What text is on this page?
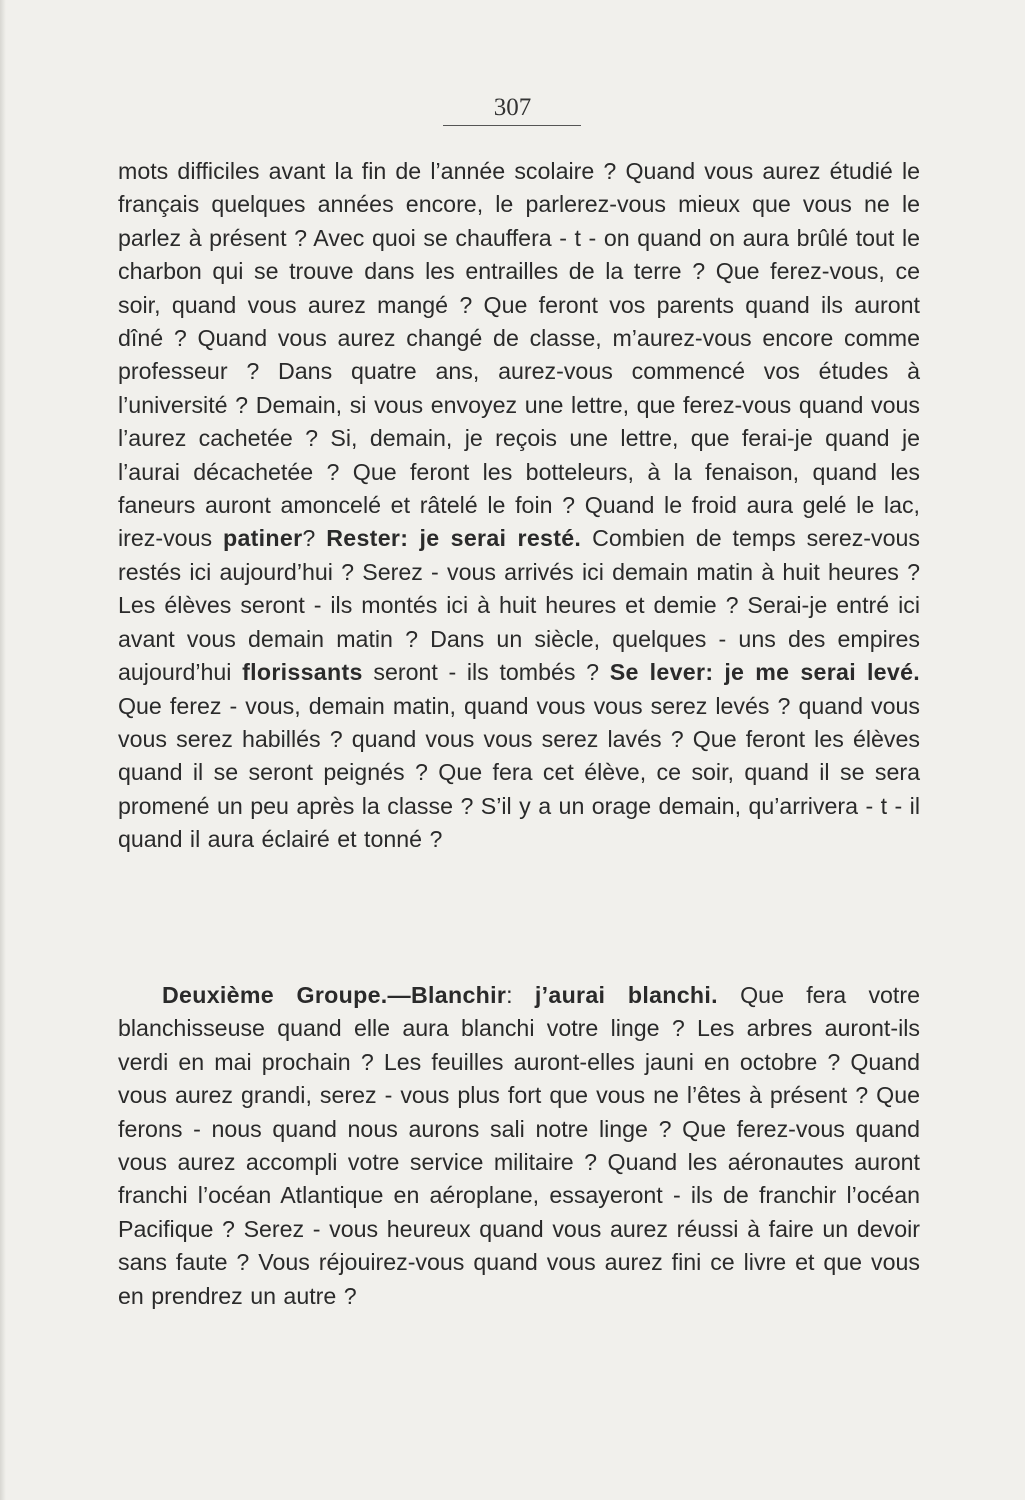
307

mots difficiles avant la fin de l’année scolaire ? Quand vous aurez étudié le français quelques années encore, le parlerez-vous mieux que vous ne le parlez à présent ? Avec quoi se chauffera - t - on quand on aura brûlé tout le charbon qui se trouve dans les entrailles de la terre ? Que ferez-vous, ce soir, quand vous aurez mangé ? Que feront vos parents quand ils auront dîné ? Quand vous aurez changé de classe, m’aurez-vous encore comme professeur ? Dans quatre ans, aurez-vous commencé vos études à l’université ? Demain, si vous envoyez une lettre, que ferez-vous quand vous l’aurez cachetée ? Si, demain, je reçois une lettre, que ferai-je quand je l’aurai décachetée ? Que feront les botteleurs, à la fenaison, quand les faneurs auront amoncelé et râtelé le foin ? Quand le froid aura gelé le lac, irez-vous patiner? Rester: je serai resté. Combien de temps serez-vous restés ici aujourd’hui ? Serez - vous arrivés ici demain matin à huit heures ? Les élèves seront - ils montés ici à huit heures et demie ? Serai-je entré ici avant vous demain matin ? Dans un siècle, quelques - uns des empires aujourd’hui florissants seront - ils tombés ? Se lever: je me serai levé. Que ferez - vous, demain matin, quand vous vous serez levés ? quand vous vous serez habillés ? quand vous vous serez lavés ? Que feront les élèves quand il se seront peignés ? Que fera cet élève, ce soir, quand il se sera promené un peu après la classe ? S’il y a un orage demain, qu’arrivera - t - il quand il aura éclairé et tonné ?

Deuxième Groupe.—Blanchir: j’aurai blanchi. Que fera votre blanchisseuse quand elle aura blanchi votre linge ? Les arbres auront-ils verdi en mai prochain ? Les feuilles auront-elles jauni en octobre ? Quand vous aurez grandi, serez - vous plus fort que vous ne l’êtes à présent ? Que ferons - nous quand nous aurons sali notre linge ? Que ferez-vous quand vous aurez accompli votre service militaire ? Quand les aéronautes auront franchi l’océan Atlantique en aéroplane, essayeront - ils de franchir l’océan Pacifique ? Serez - vous heureux quand vous aurez réussi à faire un devoir sans faute ? Vous réjouirez-vous quand vous aurez fini ce livre et que vous en prendrez un autre ?
